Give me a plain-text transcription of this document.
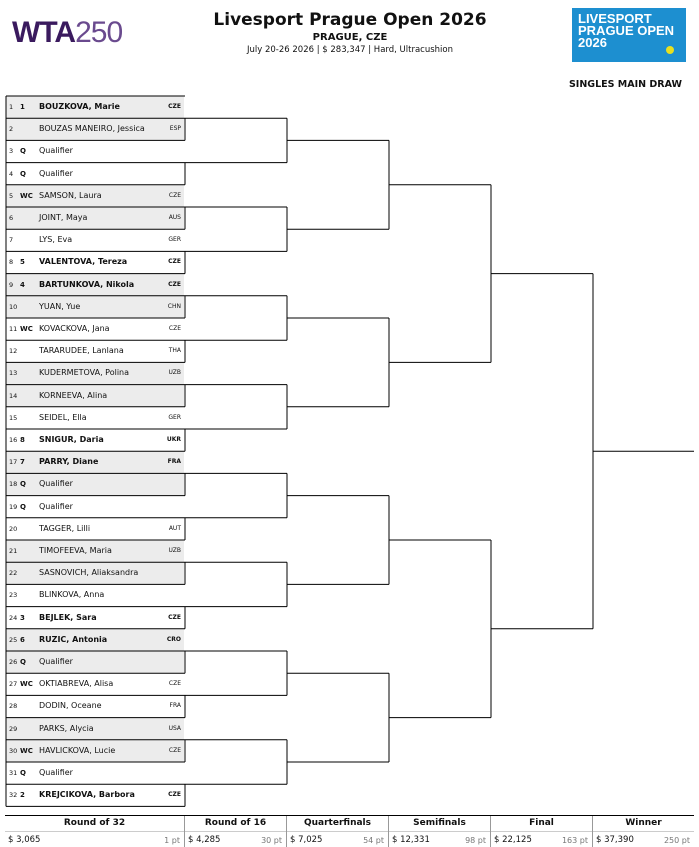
WTA250	Livesport Prague Open 2026
PRAGUE, CZE
July 20-26 2026 | $ 283,347 | Hard, Ultracushion
LIVESPORT
PRAGUE OPEN
2026
SINGLES MAIN DRAW
1 1 BOUZKOVA, Marie	CZE
2	BOUZAS MANEIRO, Jessica	ESP
3 Q Qualifier
4 Q Qualifier
5 WC SAMSON, Laura	CZE
6	JOINT, Maya	AUS
7	LYS, Eva	GER
8 5 VALENTOVA, Tereza	CZE
9 4 BARTUNKOVA, Nikola	CZE
10	YUAN, Yue	CHN
11 WC KOVACKOVA, Jana	CZE
12	TARARUDEE, Lanlana	THA
13	KUDERMETOVA, Polina	UZB
14	KORNEEVA, Alina
15	SEIDEL, Ella	GER
16 8 SNIGUR, Daria	UKR
17 7 PARRY, Diane	FRA
18 Q Qualifier
19 Q Qualifier
20	TAGGER, Lilli	AUT
21	TIMOFEEVA, Maria	UZB
22	SASNOVICH, Aliaksandra
23	BLINKOVA, Anna
24 3 BEJLEK, Sara	CZE
25 6 RUZIC, Antonia	CRO
26 Q Qualifier
27 WC OKTIABREVA, Alisa	CZE
28	DODIN, Oceane	FRA
29	PARKS, Alycia	USA
30 WC HAVLICKOVA, Lucie	CZE
31 Q Qualifier
32 2 KREJCIKOVA, Barbora	CZE
Round of 32
$ 3,065	1 pt
Round of 16
$ 4,285	30 pt
Quarterfinals
$ 7,025	54 pt
Semifinals
$ 12,331	98 pt
Final
$ 22,125	163 pt
Winner
$ 37,390	250 pt
